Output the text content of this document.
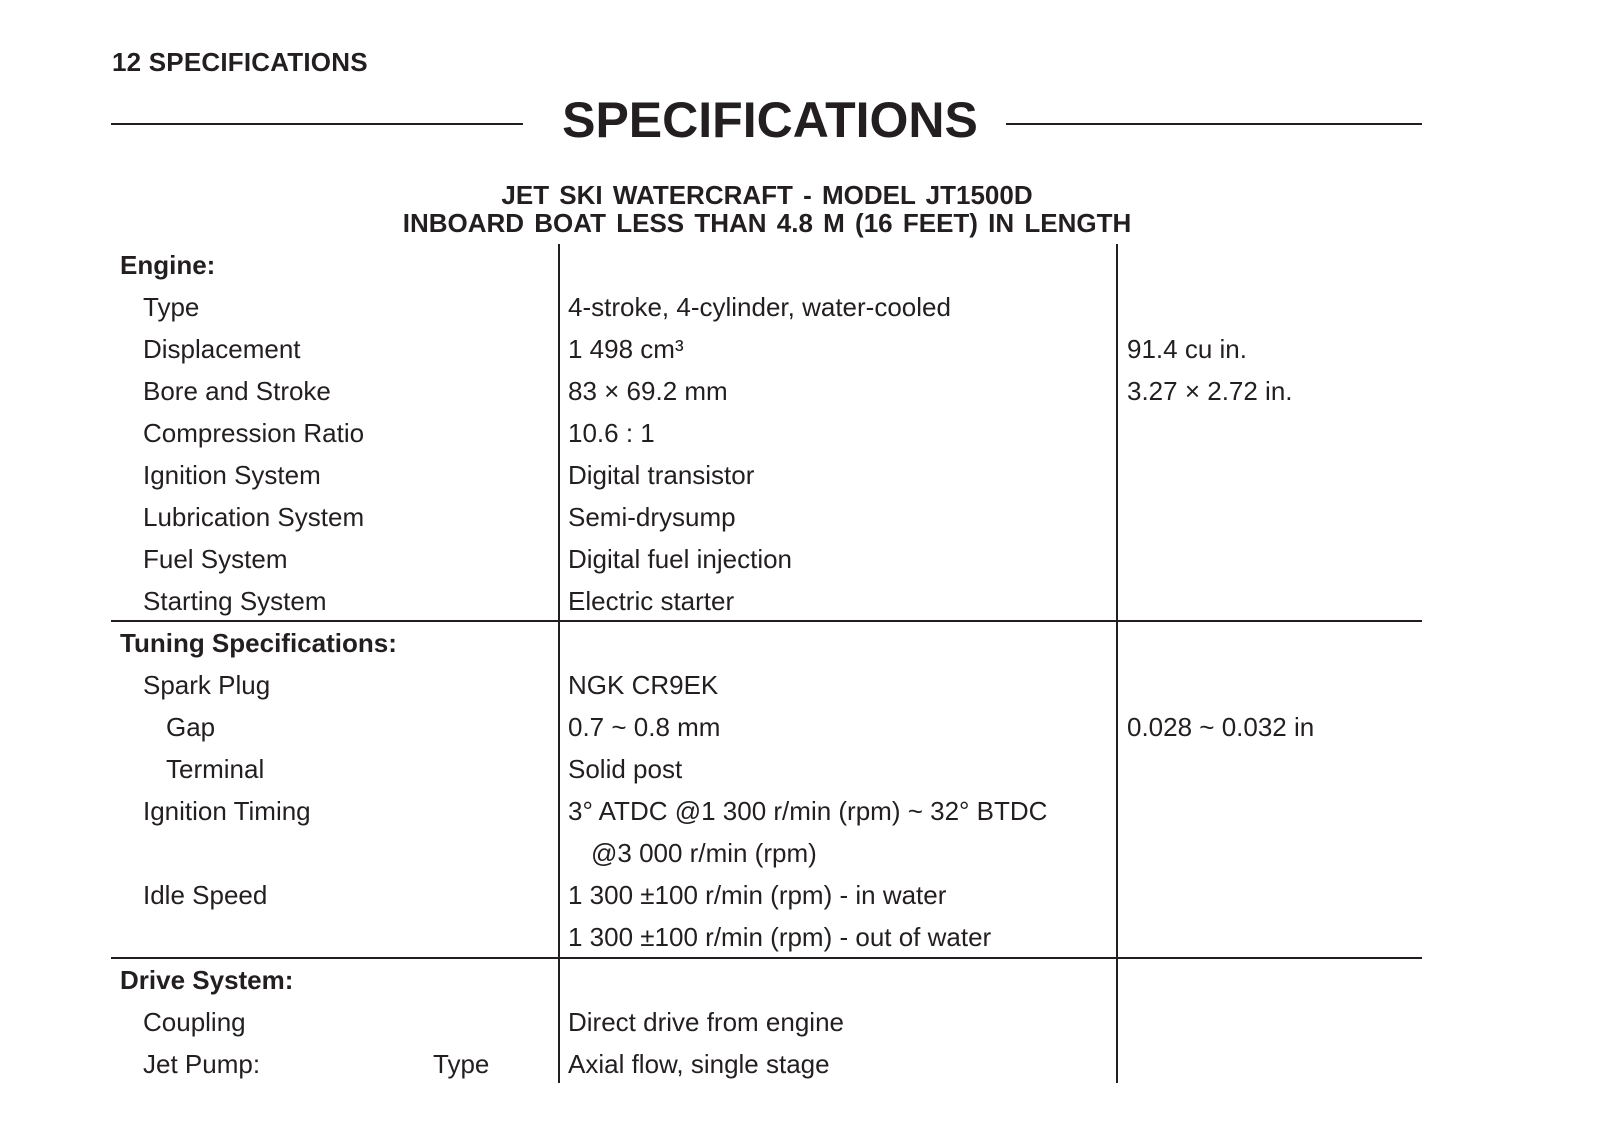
12 SPECIFICATIONS
SPECIFICATIONS
JET SKI WATERCRAFT - MODEL JT1500D
INBOARD BOAT LESS THAN 4.8 M (16 FEET) IN LENGTH
Engine:
Type	4-stroke, 4-cylinder, water-cooled
Displacement	1 498 cm³	91.4 cu in.
Bore and Stroke	83 × 69.2 mm	3.27 × 2.72 in.
Compression Ratio	10.6 : 1
Ignition System	Digital transistor
Lubrication System	Semi-drysump
Fuel System	Digital fuel injection
Starting System	Electric starter
Tuning Specifications:
Spark Plug	NGK CR9EK
Gap	0.7 ~ 0.8 mm	0.028 ~ 0.032 in
Terminal	Solid post
Ignition Timing	3° ATDC @1 300 r/min (rpm) ~ 32° BTDC
@3 000 r/min (rpm)
Idle Speed	1 300 ±100 r/min (rpm) - in water
1 300 ±100 r/min (rpm) - out of water
Drive System:
Coupling	Direct drive from engine
Jet Pump:	Type	Axial flow, single stage
